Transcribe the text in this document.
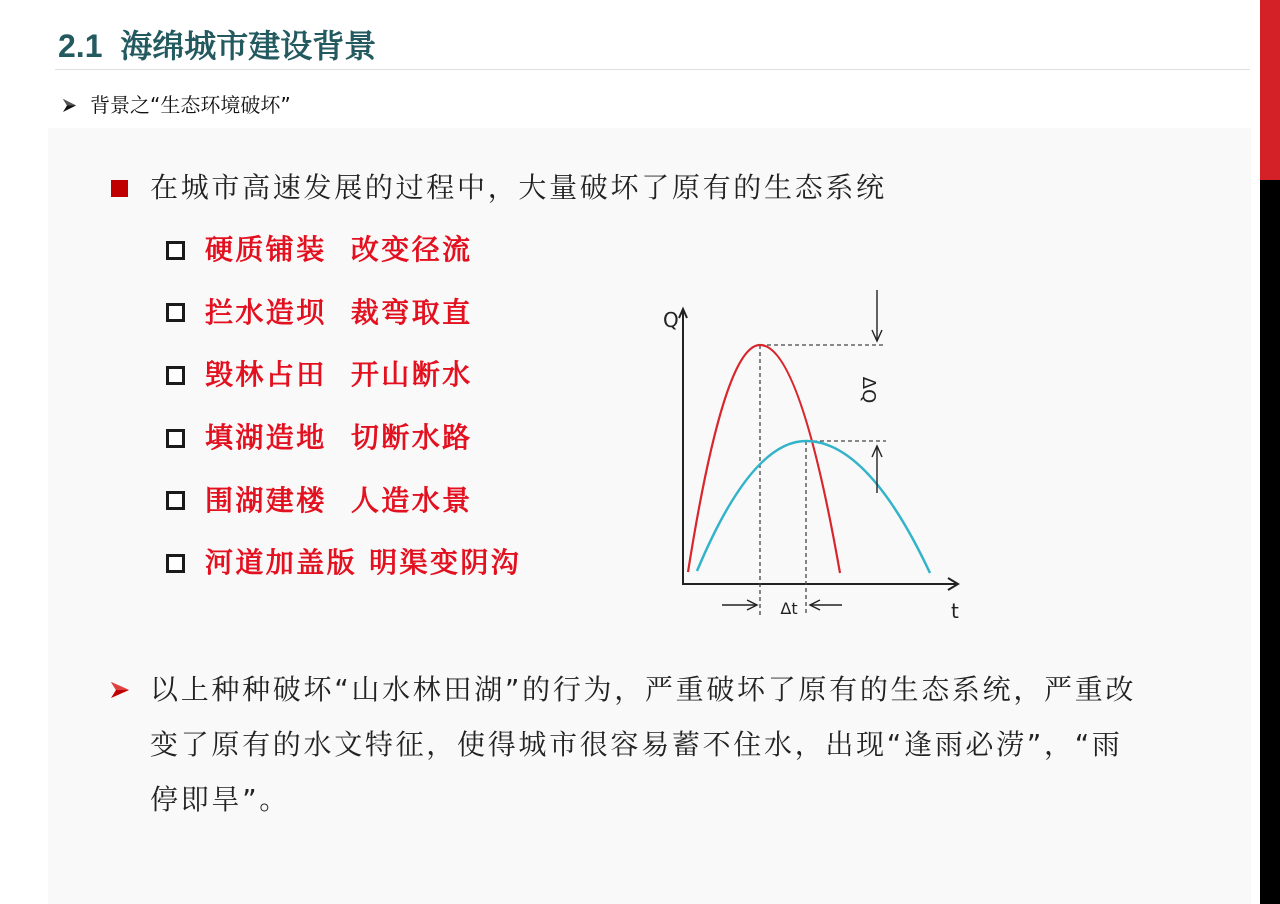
2.1  海绵城市建设背景
背景之“生态环境破坏”
在城市高速发展的过程中，大量破坏了原有的生态系统
硬质铺装  改变径流
拦水造坝  裁弯取直
毁林占田  开山断水
填湖造地  切断水路
围湖建楼  人造水景
河道加盖版 明渠变阴沟
Q
t
ΔQ
Δt
以上种种破坏“山水林田湖”的行为，严重破坏了原有的生态系统，严重改
变了原有的水文特征，使得城市很容易蓄不住水，出现“逢雨必涝”，“雨
停即旱”。
